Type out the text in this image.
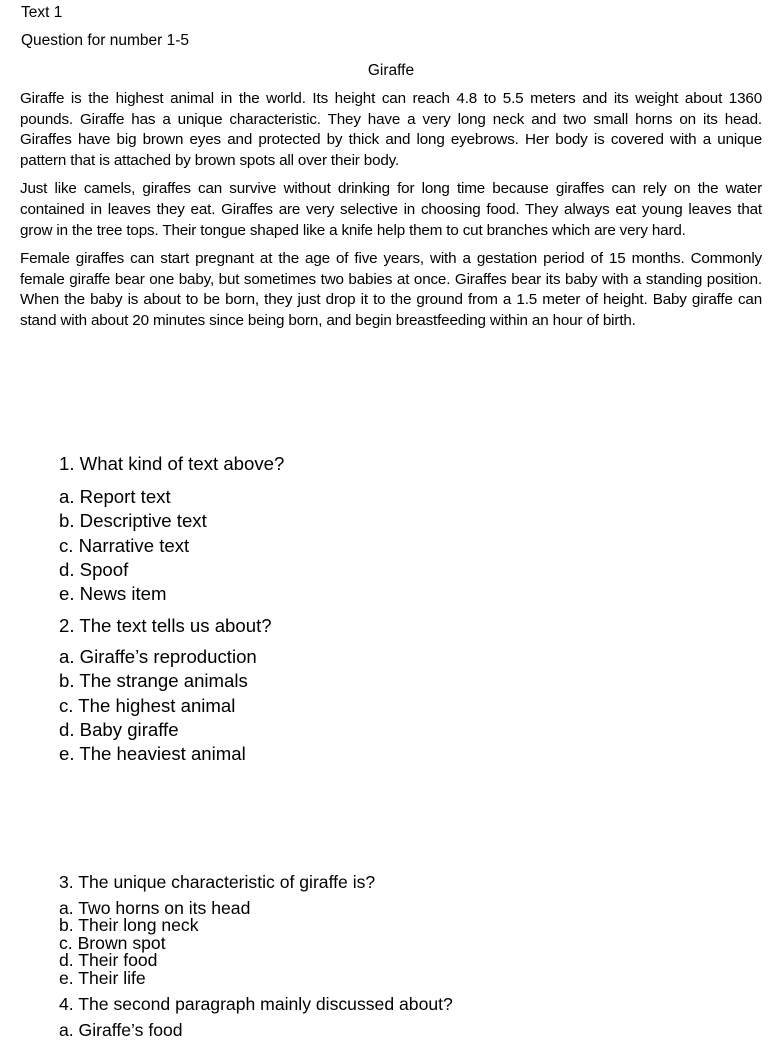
Text 1
Question for number 1-5
Giraffe

Giraffe is the highest animal in the world. Its height can reach 4.8 to 5.5 meters and its weight about 1360 pounds. Giraffe has a unique characteristic. They have a very long neck and two small horns on its head. Giraffes have big brown eyes and protected by thick and long eyebrows. Her body is covered with a unique pattern that is attached by brown spots all over their body.

Just like camels, giraffes can survive without drinking for long time because giraffes can rely on the water contained in leaves they eat. Giraffes are very selective in choosing food. They always eat young leaves that grow in the tree tops. Their tongue shaped like a knife help them to cut branches which are very hard.

Female giraffes can start pregnant at the age of five years, with a gestation period of 15 months. Commonly female giraffe bear one baby, but sometimes two babies at once. Giraffes bear its baby with a standing position. When the baby is about to be born, they just drop it to the ground from a 1.5 meter of height. Baby giraffe can stand with about 20 minutes since being born, and begin breastfeeding within an hour of birth.

1. What kind of text above?
a. Report text
b. Descriptive text
c. Narrative text
d. Spoof
e. News item
2. The text tells us about?
a. Giraffe’s reproduction
b. The strange animals
c. The highest animal
d. Baby giraffe
e. The heaviest animal
3. The unique characteristic of giraffe is?
a. Two horns on its head
b. Their long neck
c. Brown spot
d. Their food
e. Their life
4. The second paragraph mainly discussed about?
a. Giraffe’s food
